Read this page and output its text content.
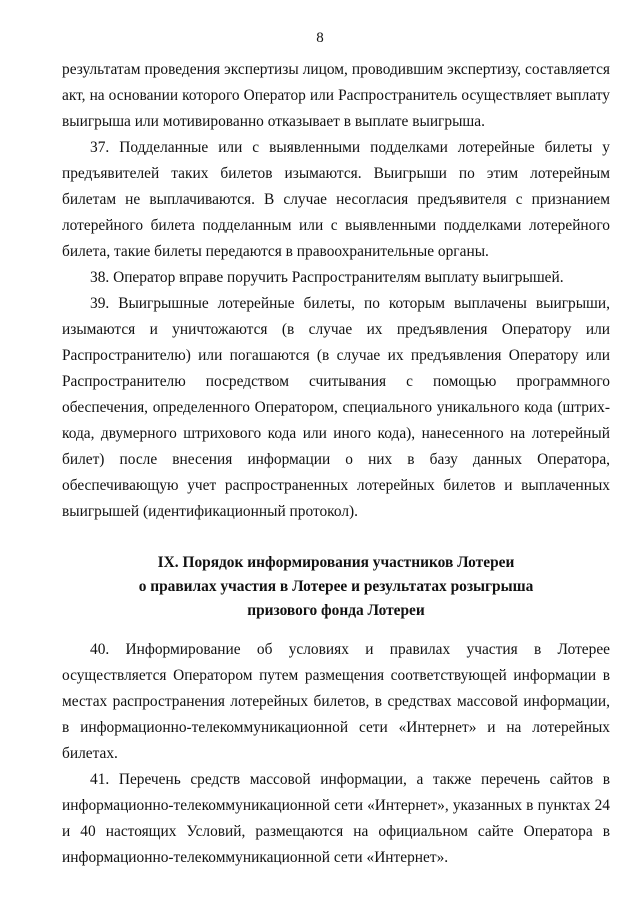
8

результатам проведения экспертизы лицом, проводившим экспертизу, составляется акт, на основании которого Оператор или Распространитель осуществляет выплату выигрыша или мотивированно отказывает в выплате выигрыша.

37. Подделанные или с выявленными подделками лотерейные билеты у предъявителей таких билетов изымаются. Выигрыши по этим лотерейным билетам не выплачиваются. В случае несогласия предъявителя с признанием лотерейного билета подделанным или с выявленными подделками лотерейного билета, такие билеты передаются в правоохранительные органы.

38. Оператор вправе поручить Распространителям выплату выигрышей.

39. Выигрышные лотерейные билеты, по которым выплачены выигрыши, изымаются и уничтожаются (в случае их предъявления Оператору или Распространителю) или погашаются (в случае их предъявления Оператору или Распространителю посредством считывания с помощью программного обеспечения, определенного Оператором, специального уникального кода (штрих-кода, двумерного штрихового кода или иного кода), нанесенного на лотерейный билет) после внесения информации о них в базу данных Оператора, обеспечивающую учет распространенных лотерейных билетов и выплаченных выигрышей (идентификационный протокол).

IX. Порядок информирования участников Лотереи
о правилах участия в Лотерее и результатах розыгрыша
призового фонда Лотереи

40. Информирование об условиях и правилах участия в Лотерее осуществляется Оператором путем размещения соответствующей информации в местах распространения лотерейных билетов, в средствах массовой информации, в информационно-телекоммуникационной сети «Интернет» и на лотерейных билетах.

41. Перечень средств массовой информации, а также перечень сайтов в информационно-телекоммуникационной сети «Интернет», указанных в пунктах 24 и 40 настоящих Условий, размещаются на официальном сайте Оператора в информационно-телекоммуникационной сети «Интернет».
